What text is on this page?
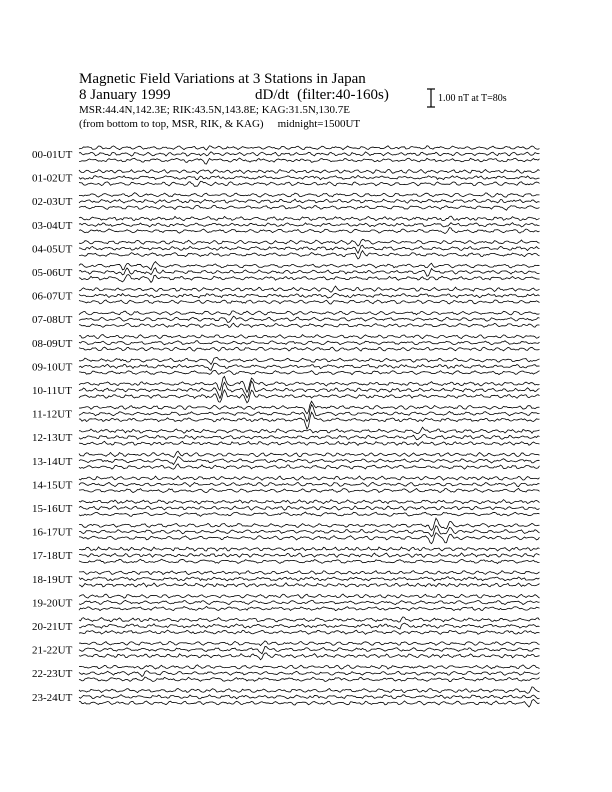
Magnetic Field Variations at 3 Stations in Japan
8 January 1999	dD/dt (filter:40-160s)
MSR:44.4N,142.3E; RIK:43.5N,143.8E; KAG:31.5N,130.7E
(from bottom to top, MSR, RIK, & KAG) midnight=1500UT
1.00 nT at T=80s
00-01UT
01-02UT
02-03UT
03-04UT
04-05UT
05-06UT
06-07UT
07-08UT
08-09UT
09-10UT
10-11UT
11-12UT
12-13UT
13-14UT
14-15UT
15-16UT
16-17UT
17-18UT
18-19UT
19-20UT
20-21UT
21-22UT
22-23UT
23-24UT
